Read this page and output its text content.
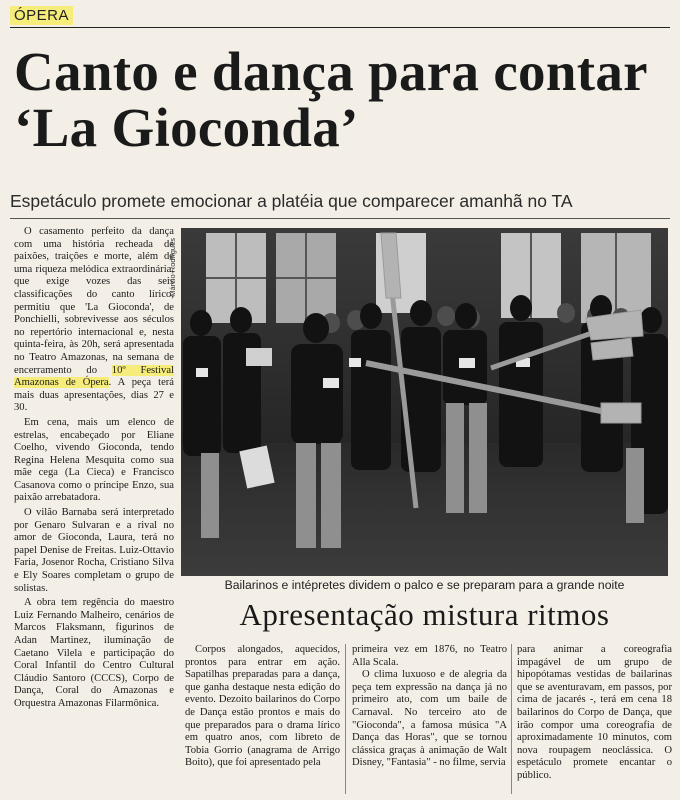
ÓPERA
Canto e dança para contar ‘La Gioconda’
Espetáculo promete emocionar a platéia que comparecer amanhã no TA

O casamento perfeito da dança com uma história recheada de paixões, traições e morte, além de uma riqueza melódica extraordinária, que exige vozes das seis classificações do canto lírico, permitiu que 'La Gioconda', de Ponchielli, sobrevivesse aos séculos no repertório internacional e, nesta quinta-feira, às 20h, será apresentada no Teatro Amazonas, na semana de encerramento do 10º Festival Amazonas de Ópera. A peça terá mais duas apresentações, dias 27 e 30.

Em cena, mais um elenco de estrelas, encabeçado por Eliane Coelho, vivendo Gioconda, tendo Regina Helena Mesquita como sua mãe cega (La Cieca) e Francisco Casanova como o príncipe Enzo, sua paixão arrebatadora.

O vilão Barnaba será interpretado por Genaro Sulvaran e a rival no amor de Gioconda, Laura, terá no papel Denise de Freitas. Luiz-Ottavio Faria, Josenor Rocha, Cristiano Silva e Ely Soares completam o grupo de solistas.

A obra tem regência do maestro Luiz Fernando Malheiro, cenários de Marcos Flaksmann, figurinos de Adan Martinez, iluminação de Caetano Vilela e participação do Coral Infantil do Centro Cultural Cláudio Santoro (CCCS), Corpo de Dança, Coral do Amazonas e Orquestra Amazonas Filarmônica.

Márcio Rodrigues
Bailarinos e intépretes dividem o palco e se preparam para a grande noite
Apresentação mistura ritmos

Corpos alongados, aquecidos, prontos para entrar em ação. Sapatilhas preparadas para a dança, que ganha destaque nesta edição do evento. Dezoito bailarinos do Corpo de Dança estão prontos e mais do que preparados para o drama lírico em quatro anos, com libreto de Tobia Gorrio (anagrama de Arrigo Boito), que foi apresentado pela

primeira vez em 1876, no Teatro Alla Scala.

O clima luxuoso e de alegria da peça tem expressão na dança já no primeiro ato, com um baile de Carnaval. No terceiro ato de "Gioconda", a famosa música "A Dança das Horas", que se tornou clássica graças à animação de Walt Disney, "Fantasia" - no filme, servia

para animar a coreografia impagável de um grupo de hipopótamas vestidas de bailarinas que se aventuravam, em passos, por cima de jacarés -, terá em cena 18 bailarinos do Corpo de Dança, que irão compor uma coreografia de aproximadamente 10 minutos, com nova roupagem neoclássica. O espetáculo promete encantar o público.
